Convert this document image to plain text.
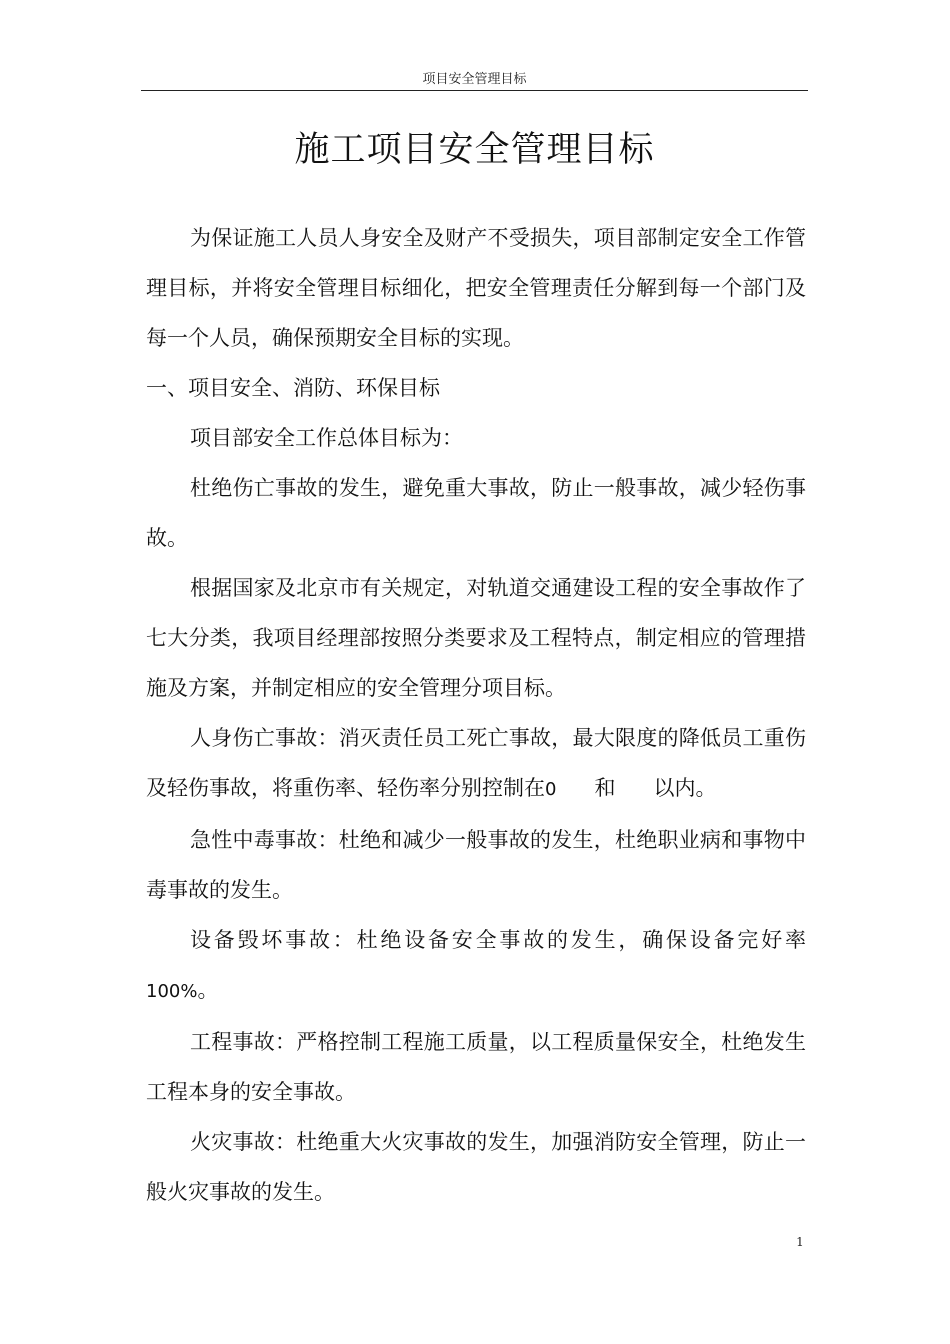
项目安全管理目标
施工项目安全管理目标

为保证施工人员人身安全及财产不受损失，项目部制定安全工作管理目标，并将安全管理目标细化，把安全管理责任分解到每一个部门及每一个人员，确保预期安全目标的实现。

一、项目安全、消防、环保目标

项目部安全工作总体目标为：

杜绝伤亡事故的发生，避免重大事故，防止一般事故，减少轻伤事故。

根据国家及北京市有关规定，对轨道交通建设工程的安全事故作了七大分类，我项目经理部按照分类要求及工程特点，制定相应的管理措施及方案，并制定相应的安全管理分项目标。

人身伤亡事故：消灭责任员工死亡事故，最大限度的降低员工重伤及轻伤事故，将重伤率、轻伤率分别控制在0 和 以内。

急性中毒事故：杜绝和减少一般事故的发生，杜绝职业病和事物中毒事故的发生。

设备毁坏事故：杜绝设备安全事故的发生，确保设备完好率100%。

工程事故：严格控制工程施工质量，以工程质量保安全，杜绝发生工程本身的安全事故。

火灾事故：杜绝重大火灾事故的发生，加强消防安全管理，防止一般火灾事故的发生。

1
